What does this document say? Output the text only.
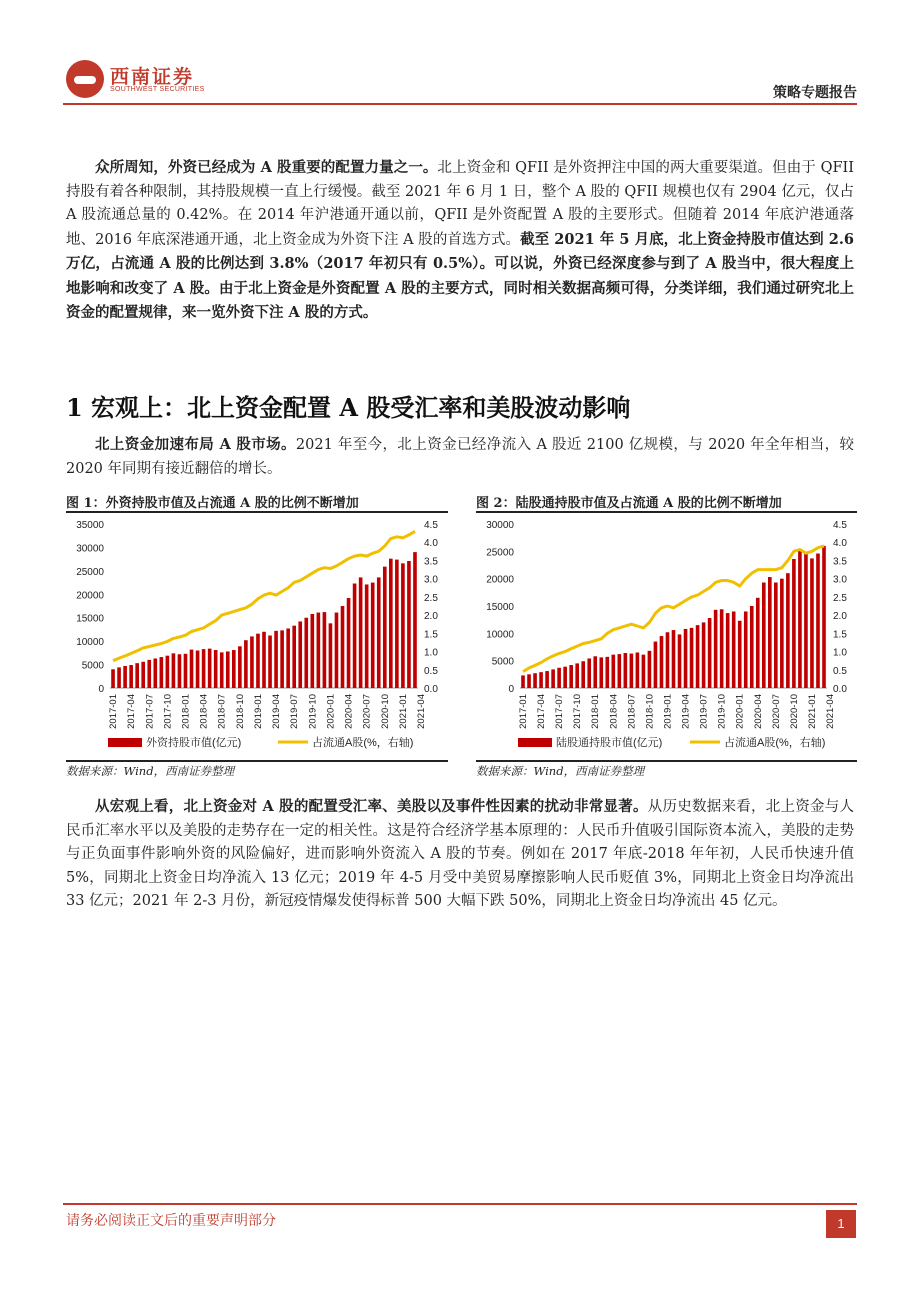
西南证券
SOUTHWEST SECURITIES	策略专题报告
众所周知，外资已经成为 A 股重要的配置力量之一。北上资金和 QFII 是外资押注中国的两大重要渠道。但由于 QFII 持股有着各种限制，其持股规模一直上行缓慢。截至 2021 年 6 月 1 日，整个 A 股的 QFII 规模也仅有 2904 亿元，仅占 A 股流通总量的 0.42%。在 2014 年沪港通开通以前，QFII 是外资配置 A 股的主要形式。但随着 2014 年底沪港通落地、2016 年底深港通开通，北上资金成为外资下注 A 股的首选方式。截至 2021 年 5 月底，北上资金持股市值达到 2.6 万亿，占流通 A 股的比例达到 3.8%（2017 年初只有 0.5%）。可以说，外资已经深度参与到了 A 股当中，很大程度上地影响和改变了 A 股。由于北上资金是外资配置 A 股的主要方式，同时相关数据高频可得，分类详细，我们通过研究北上资金的配置规律，来一览外资下注 A 股的方式。
1 宏观上：北上资金配置 A 股受汇率和美股波动影响
北上资金加速布局 A 股市场。2021 年至今，北上资金已经净流入 A 股近 2100 亿规模，与 2020 年全年相当，较 2020 年同期有接近翻倍的增长。
图 1：外资持股市值及占流通 A 股的比例不断增加	图 2：陆股通持股市值及占流通 A 股的比例不断增加
0
5000
10000
15000
20000
25000
30000
35000
0.0
0.5
1.0
1.5
2.0
2.5
3.0
3.5
4.0
4.5
2017-01 2017-04 2017-07 2017-10 2018-01 2018-04 2018-07 2018-10 2019-01 2019-04 2019-07 2019-10 2020-01 2020-04 2020-07 2020-10 2021-01 2021-04
外资持股市值(亿元)	占流通A股(%，右轴)
0
5000
10000
15000
20000
25000
30000
0.0
0.5
1.0
1.5
2.0
2.5
3.0
3.5
4.0
4.5
2017-01 2017-04 2017-07 2017-10 2018-01 2018-04 2018-07 2018-10 2019-01 2019-04 2019-07 2019-10 2020-01 2020-04 2020-07 2020-10 2021-01 2021-04
陆股通持股市值(亿元)	占流通A股(%，右轴)
数据来源：Wind，西南证券整理	数据来源：Wind，西南证券整理
从宏观上看，北上资金对 A 股的配置受汇率、美股以及事件性因素的扰动非常显著。从历史数据来看，北上资金与人民币汇率水平以及美股的走势存在一定的相关性。这是符合经济学基本原理的：人民币升值吸引国际资本流入，美股的走势与正负面事件影响外资的风险偏好，进而影响外资流入 A 股的节奏。例如在 2017 年底-2018 年年初，人民币快速升值 5%，同期北上资金日均净流入 13 亿元；2019 年 4-5 月受中美贸易摩擦影响人民币贬值 3%，同期北上资金日均净流出 33 亿元；2021 年 2-3 月份，新冠疫情爆发使得标普 500 大幅下跌 50%，同期北上资金日均净流出 45 亿元。
请务必阅读正文后的重要声明部分	1
